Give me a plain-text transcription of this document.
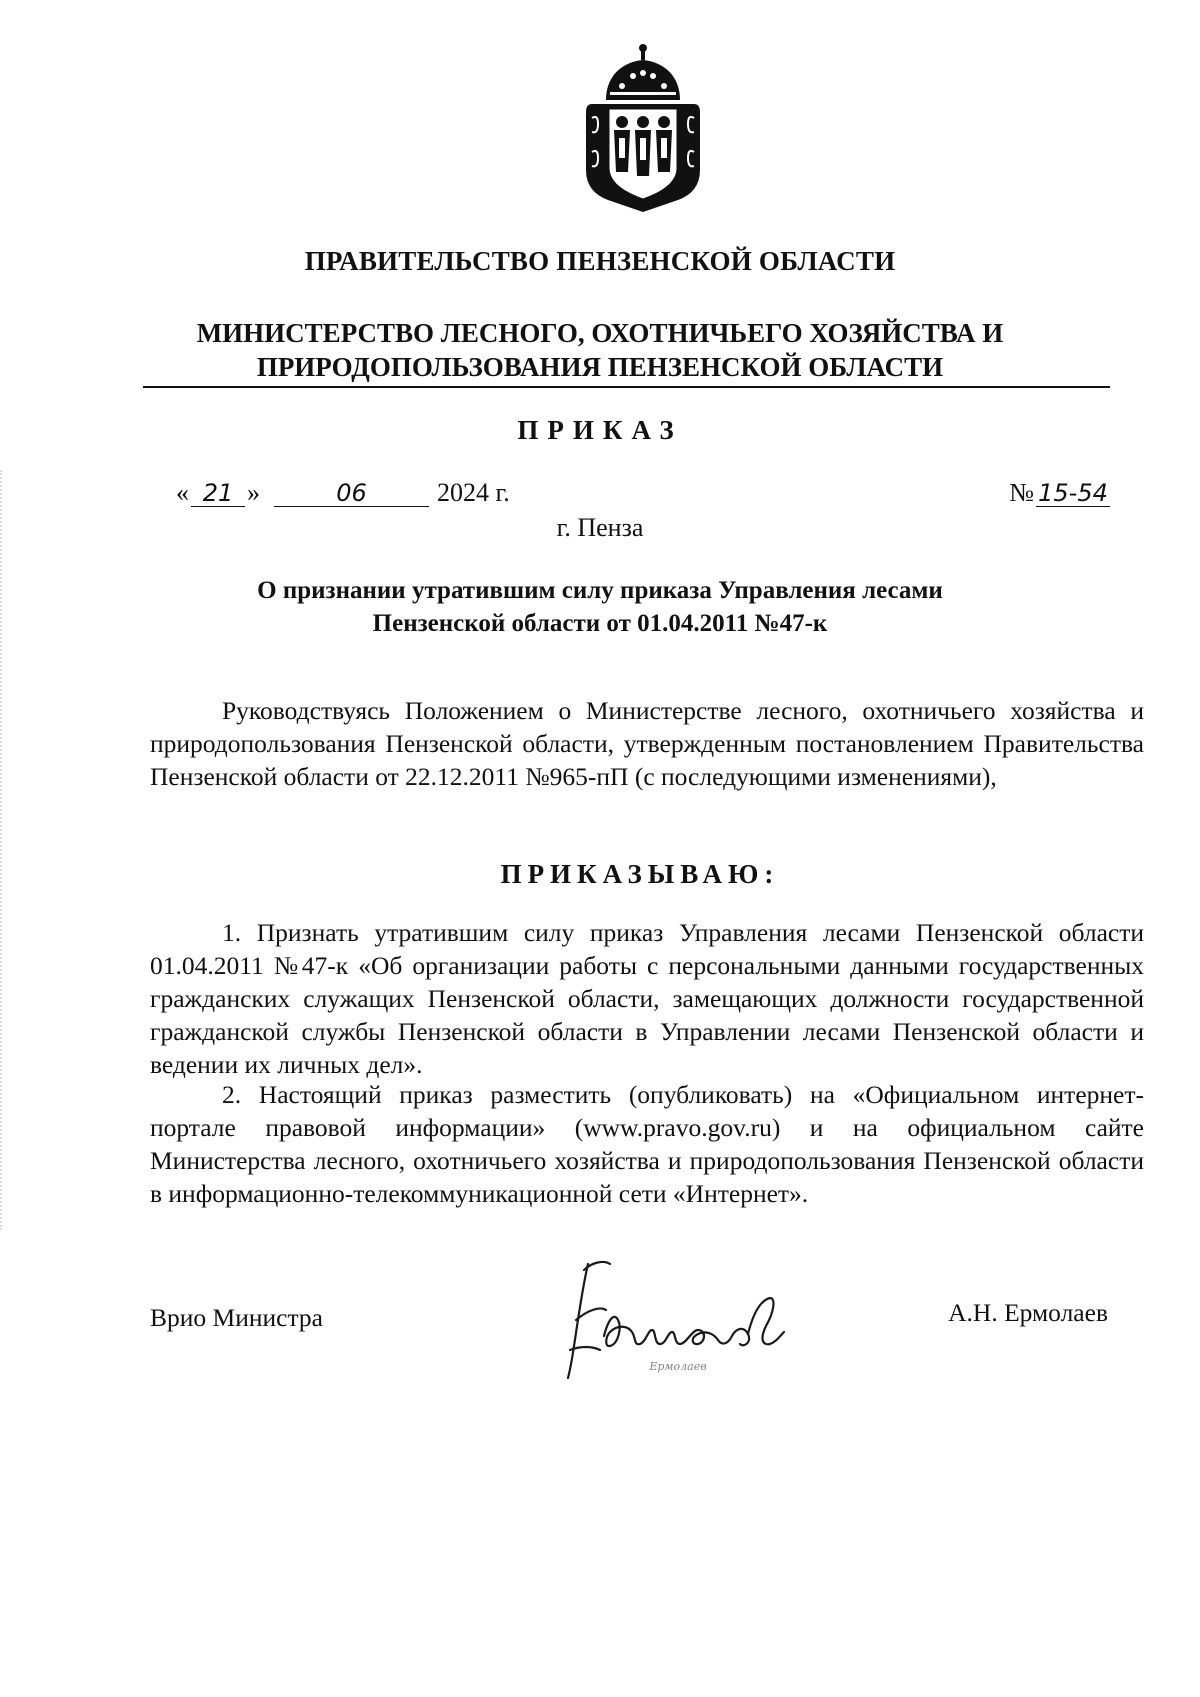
ПРАВИТЕЛЬСТВО ПЕНЗЕНСКОЙ ОБЛАСТИ
МИНИСТЕРСТВО ЛЕСНОГО, ОХОТНИЧЬЕГО ХОЗЯЙСТВА И
ПРИРОДОПОЛЬЗОВАНИЯ ПЕНЗЕНСКОЙ ОБЛАСТИ
ПРИКАЗ
« 21 »	06	2024 г.	№ 15-54
г. Пенза
О признании утратившим силу приказа Управления лесами
Пензенской области от 01.04.2011 №47-к
Руководствуясь Положением о Министерстве лесного, охотничьего хозяйства и природопользования Пензенской области, утвержденным постановлением Правительства Пензенской области от 22.12.2011 №965-пП (с последующими изменениями),
ПРИКАЗЫВАЮ:
1. Признать утратившим силу приказ Управления лесами Пензенской области 01.04.2011 №47-к «Об организации работы с персональными данными государственных гражданских служащих Пензенской области, замещающих должности государственной гражданской службы Пензенской области в Управлении лесами Пензенской области и ведении их личных дел».
2. Настоящий приказ разместить (опубликовать) на «Официальном интернет-портале правовой информации» (www.pravo.gov.ru) и на официальном сайте Министерства лесного, охотничьего хозяйства и природопользования Пензенской области в информационно-телекоммуникационной сети «Интернет».
Врио Министра
Ермолаев
А.Н. Ермолаев
